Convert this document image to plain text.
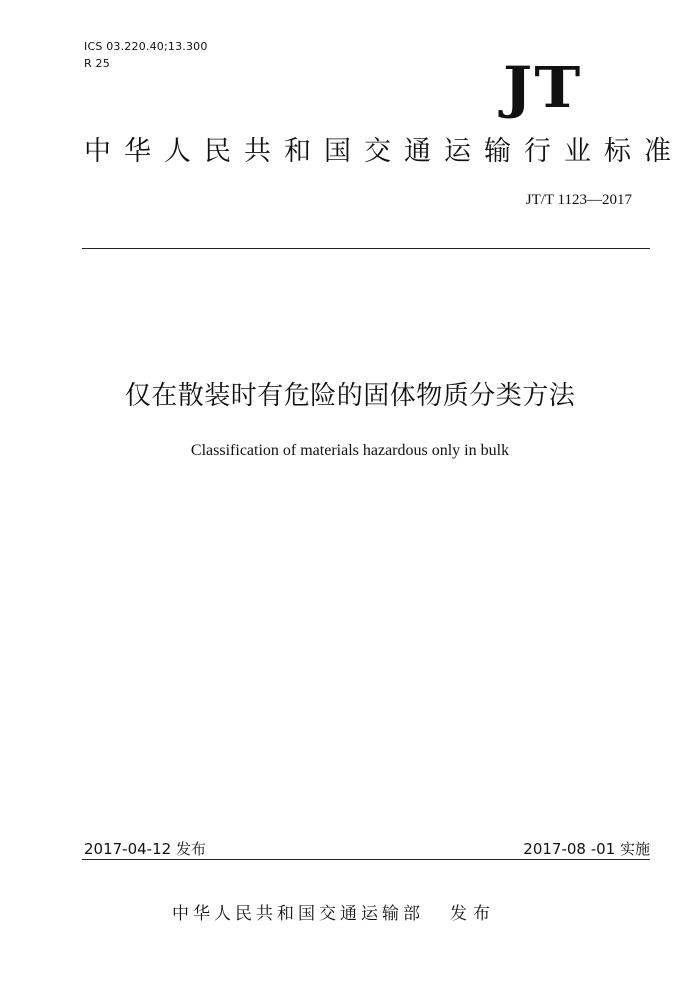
ICS 03.220.40;13.300
R 25	JT
中华人民共和国交通运输行业标准
JT/T 1123—2017
仅在散装时有危险的固体物质分类方法
Classification of materials hazardous only in bulk
2017-04-12 发布	2017-08 -01 实施
中华人民共和国交通运输部 发布
